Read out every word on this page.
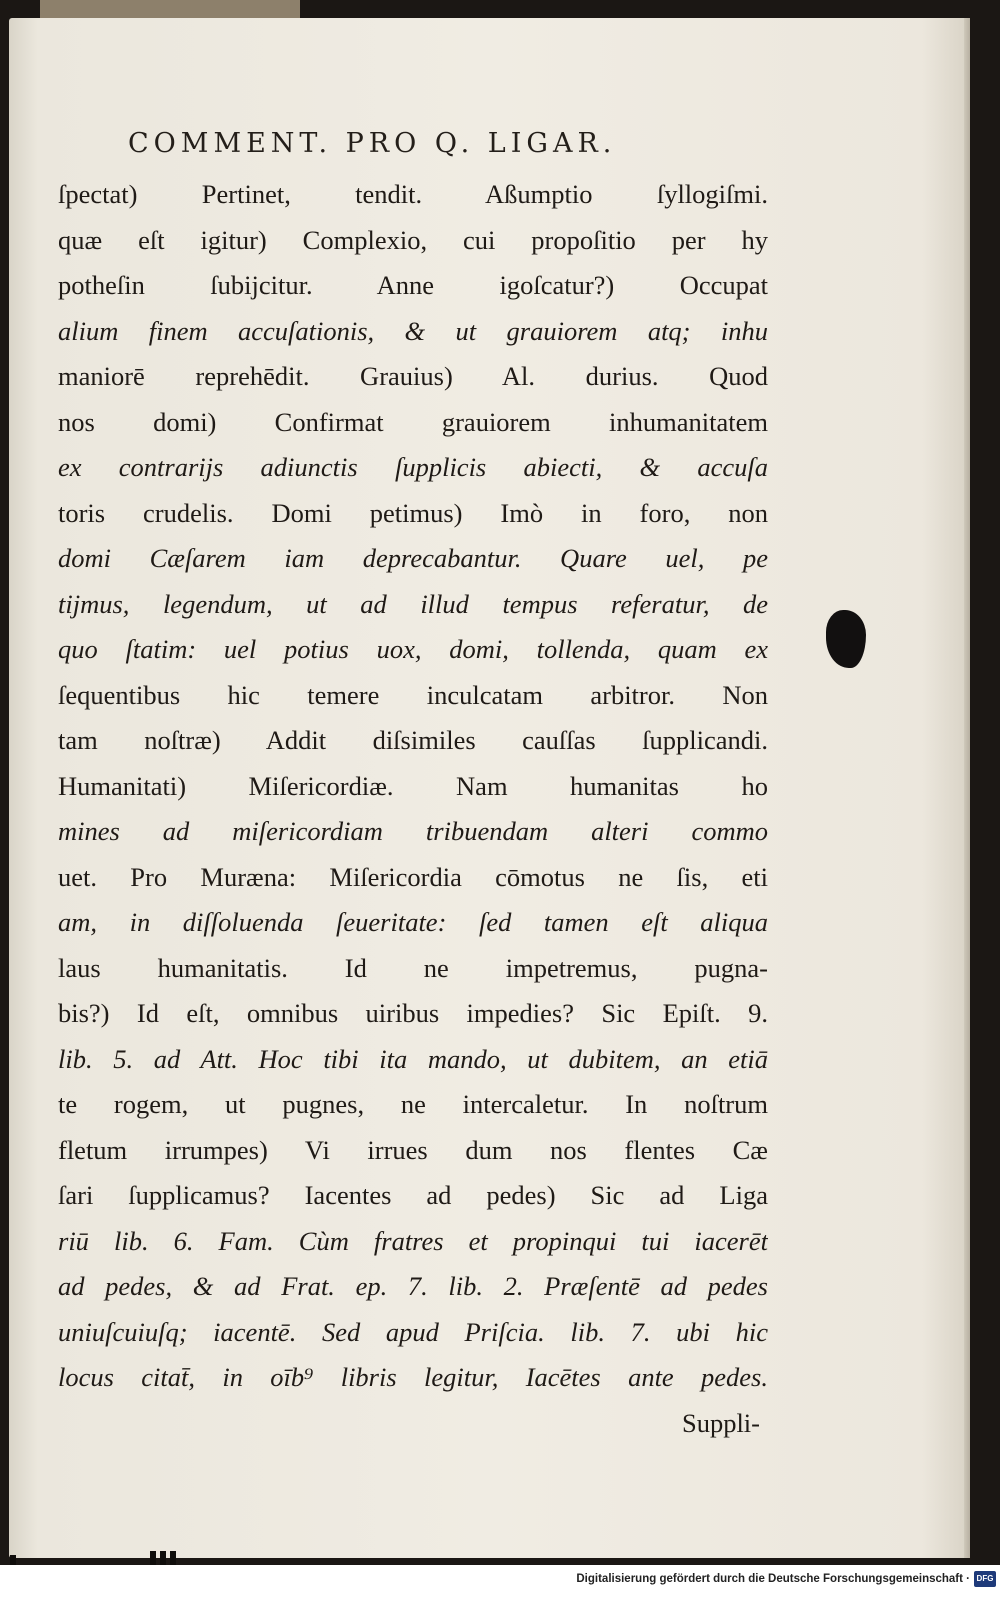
COMMENT. PRO Q. LIGAR.
ſpectat) Pertinet, tendit. Aßumptio ſyllogiſmi.
quæ eſt igitur) Complexio, cui propoſitio per hy
potheſin ſubijcitur. Anne igoſcatur?) Occupat
alium finem accuſationis, & ut grauiorem atq; inhu
maniorē reprehēdit. Grauius) Al. durius. Quod
nos domi) Confirmat grauiorem inhumanitatem
ex contrarijs adiunctis ſupplicis abiecti, & accuſa
toris crudelis. Domi petimus) Imò in foro, non
domi Cæſarem iam deprecabantur. Quare uel, pe
tijmus, legendum, ut ad illud tempus referatur, de
quo ſtatim: uel potius uox, domi, tollenda, quam ex
ſequentibus hic temere inculcatam arbitror. Non
tam noſtræ) Addit diſsimiles cauſſas ſupplicandi.
Humanitati) Miſericordiæ. Nam humanitas ho
mines ad miſericordiam tribuendam alteri commo
uet. Pro Muræna: Miſericordia cōmotus ne ſis, eti
am, in diſſoluenda ſeueritate: ſed tamen eſt aliqua
laus humanitatis. Id ne impetremus, pugna-
bis?) Id eſt, omnibus uiribus impedies? Sic Epiſt. 9.
lib. 5. ad Att. Hoc tibi ita mando, ut dubitem, an etiā
te rogem, ut pugnes, ne intercaletur. In noſtrum
fletum irrumpes) Vi irrues dum nos flentes Cæ
ſari ſupplicamus? Iacentes ad pedes) Sic ad Liga
riū lib. 6. Fam. Cùm fratres et propinqui tui iacerēt
ad pedes, & ad Frat. ep. 7. lib. 2. Præſentē ad pedes
uniuſcuiuſq; iacentē. Sed apud Priſcia. lib. 7. ubi hic
locus citat̄, in oīb⁹ libris legitur, Iacētes ante pedes.
Suppli-
Digitalisierung gefördert durch die Deutsche Forschungsgemeinschaft · DFG
